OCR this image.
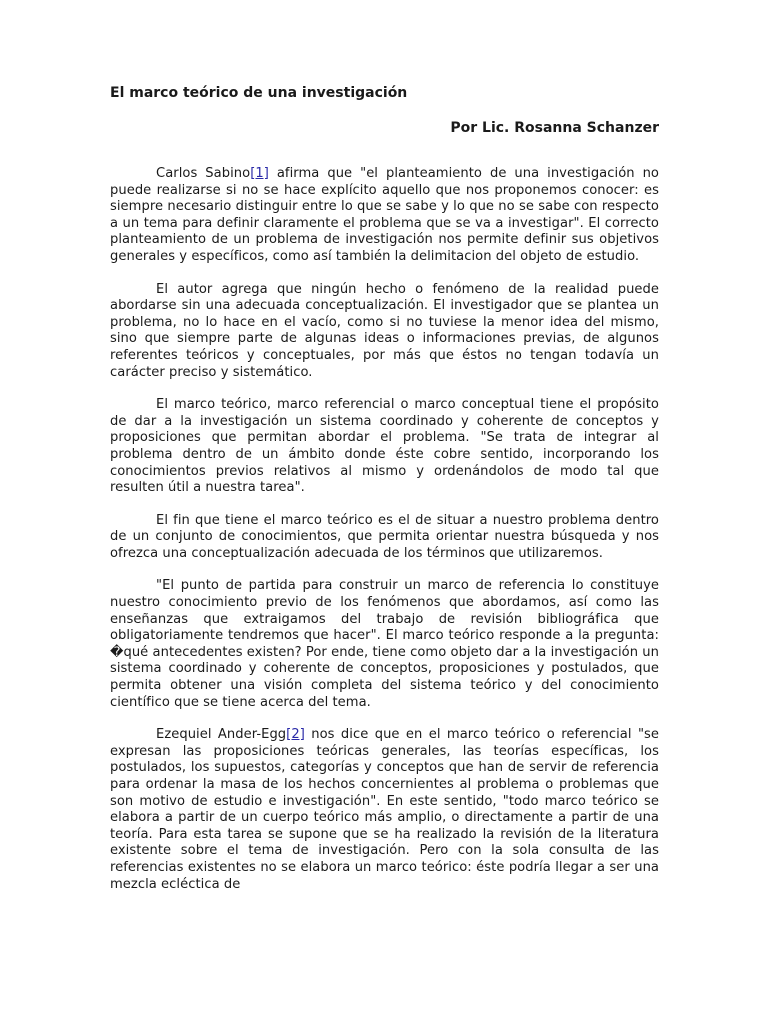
El marco teórico de una investigación
Por Lic. Rosanna Schanzer

Carlos Sabino[1] afirma que "el planteamiento de una investigación no puede realizarse si no se hace explícito aquello que nos proponemos conocer: es siempre necesario distinguir entre lo que se sabe y lo que no se sabe con respecto a un tema para definir claramente el problema que se va a investigar". El correcto planteamiento de un problema de investigación nos permite definir sus objetivos generales y específicos, como así también la delimitacion del objeto de estudio.

El autor agrega que ningún hecho o fenómeno de la realidad puede abordarse sin una adecuada conceptualización. El investigador que se plantea un problema, no lo hace en el vacío, como si no tuviese la menor idea del mismo, sino que siempre parte de algunas ideas o informaciones previas, de algunos referentes teóricos y conceptuales, por más que éstos no tengan todavía un carácter preciso y sistemático.

El marco teórico, marco referencial o marco conceptual tiene el propósito de dar a la investigación un sistema coordinado y coherente de conceptos y proposiciones que permitan abordar el problema. "Se trata de integrar al problema dentro de un ámbito donde éste cobre sentido, incorporando los conocimientos previos relativos al mismo y ordenándolos de modo tal que resulten útil a nuestra tarea".

El fin que tiene el marco teórico es el de situar a nuestro problema dentro de un conjunto de conocimientos, que permita orientar nuestra búsqueda y nos ofrezca una conceptualización adecuada de los términos que utilizaremos.

"El punto de partida para construir un marco de referencia lo constituye nuestro conocimiento previo de los fenómenos que abordamos, así como las enseñanzas que extraigamos del trabajo de revisión bibliográfica que obligatoriamente tendremos que hacer". El marco teórico responde a la pregunta: �qué antecedentes existen? Por ende, tiene como objeto dar a la investigación un sistema coordinado y coherente de conceptos, proposiciones y postulados, que permita obtener una visión completa del sistema teórico y del conocimiento científico que se tiene acerca del tema.

Ezequiel Ander-Egg[2] nos dice que en el marco teórico o referencial "se expresan las proposiciones teóricas generales, las teorías específicas, los postulados, los supuestos, categorías y conceptos que han de servir de referencia para ordenar la masa de los hechos concernientes al problema o problemas que son motivo de estudio e investigación". En este sentido, "todo marco teórico se elabora a partir de un cuerpo teórico más amplio, o directamente a partir de una teoría. Para esta tarea se supone que se ha realizado la revisión de la literatura existente sobre el tema de investigación. Pero con la sola consulta de las referencias existentes no se elabora un marco teórico: éste podría llegar a ser una mezcla ecléctica de
